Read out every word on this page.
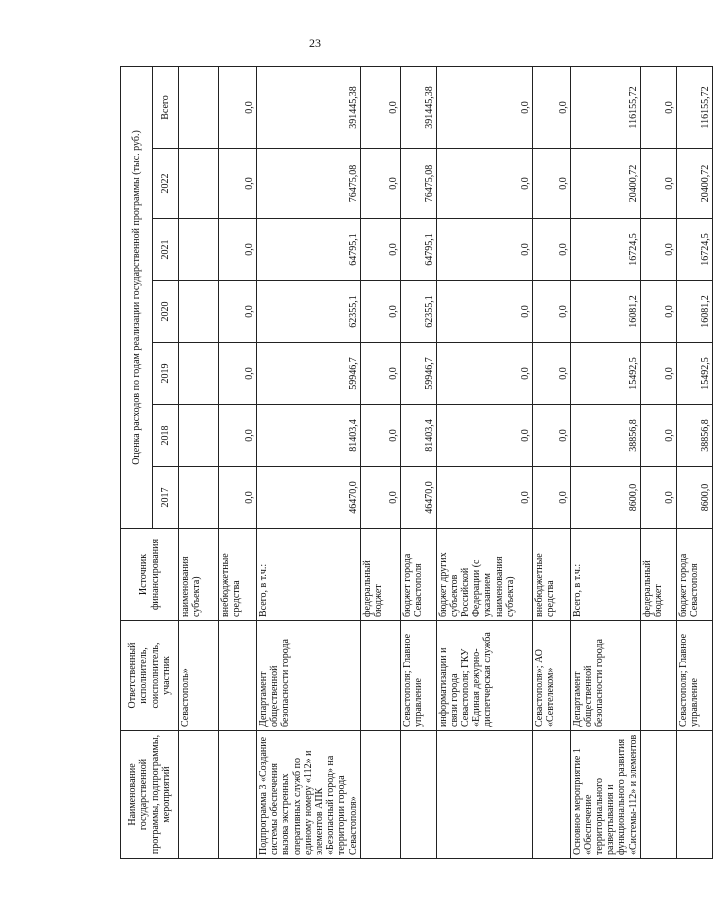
23
Наименование государственной программы, подпрограммы, мероприятий	Ответственный исполнитель, соисполнитель, участник	Источник финансирования	Оценка расходов по годам реализации государственной программы (тыс. руб.)						
			2017	2018	2019	2020	2021	2022	Всего
	Севастополь»	наименования субъекта)							
		внебюджетные средства	0,0	0,0	0,0	0,0	0,0	0,0	0,0
Подпрограмма 3 «Создание системы обеспечения вызова экстренных оперативных служб по единому номеру «112» и элементов АПК «Безопасный город» на территории города Севастополя»	Департамент общественной безопасности города	Всего, в т.ч.:	46470,0	81403,4	59946,7	62355,1	64795,1	76475,08	391445,38
		федеральный бюджет	0,0	0,0	0,0	0,0	0,0	0,0	0,0
	Севастополя; Главное управление	бюджет города Севастополя	46470,0	81403,4	59946,7	62355,1	64795,1	76475,08	391445,38
	информатизации и связи города Севастополя; ГКУ «Единая дежурно-диспетчерская служба	бюджет других субъектов Российской Федерации (с указанием наименования субъекта)	0,0	0,0	0,0	0,0	0,0	0,0	0,0
	Севастополя»; АО «Севтелеком»	внебюджетные средства	0,0	0,0	0,0	0,0	0,0	0,0	0,0
Основное мероприятие 1 «Обеспечение территориального развертывания и функционального развития «Системы-112» и элементов	Департамент общественной безопасности города	Всего, в т.ч.:	8600,0	38856,8	15492,5	16081,2	16724,5	20400,72	116155,72
		федеральный бюджет	0,0	0,0	0,0	0,0	0,0	0,0	0,0
	Севастополя; Главное управление	бюджет города Севастополя	8600,0	38856,8	15492,5	16081,2	16724,5	20400,72	116155,72
